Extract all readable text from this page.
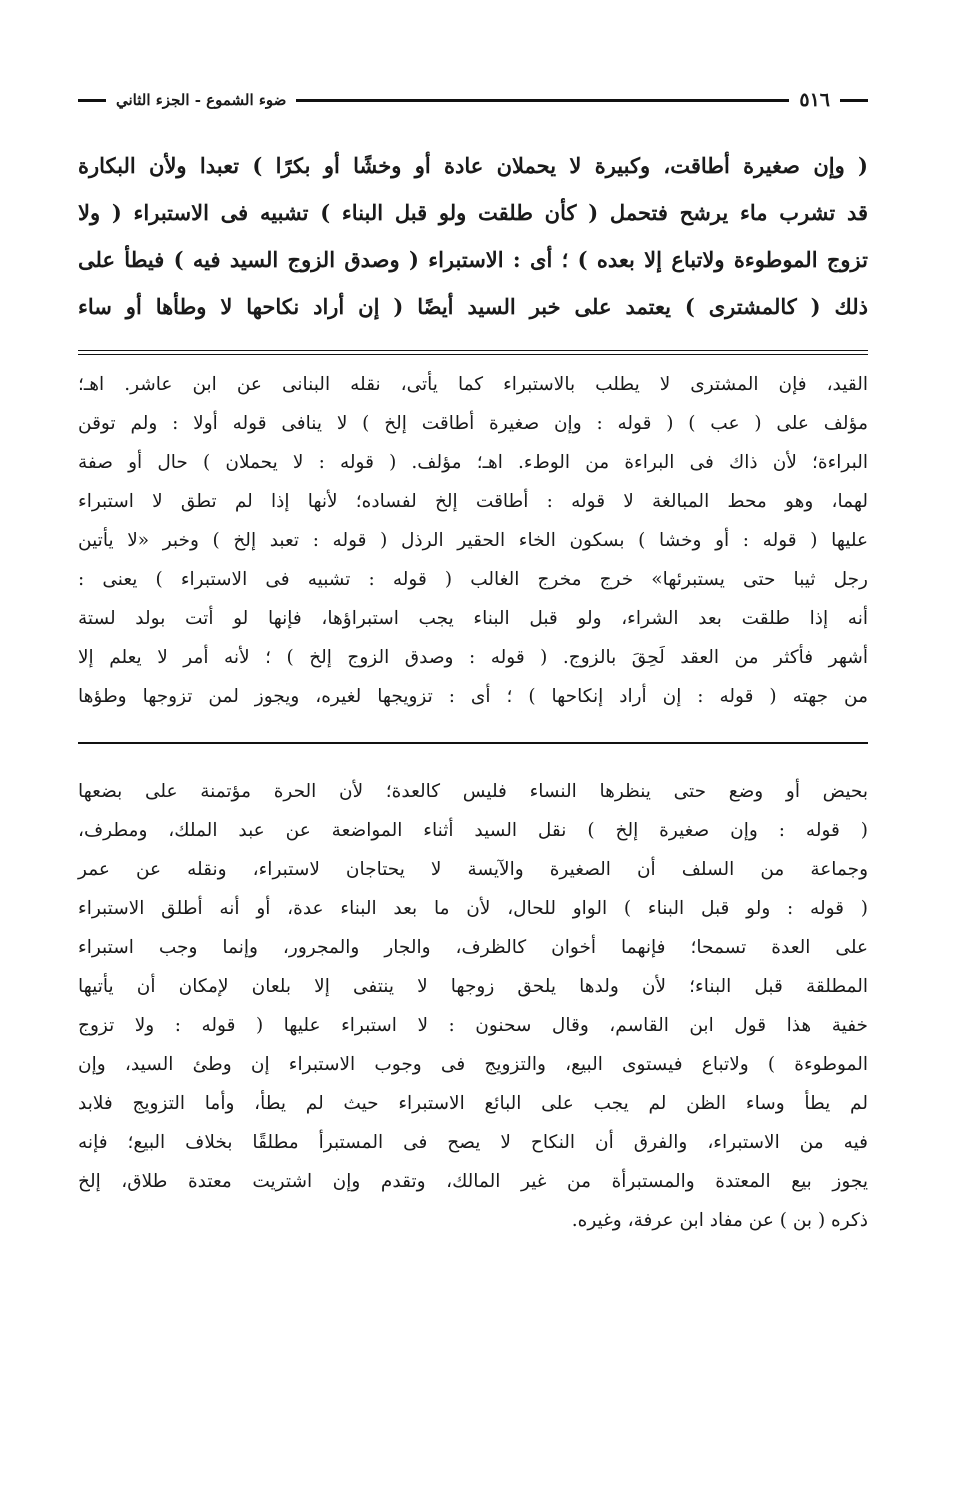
٥١٦
ضوء الشموع - الجزء الثاني

( وإن صغيرة أطاقت، وكبيرة لا يحملان عادة أو وخشًا أو بكرًا ) تعبدا ولأن البكارة

قد تشرب ماء يرشح فتحمل ( كأن طلقت ولو قبل البناء ) تشبيه فى الاستبراء ( ولا

تزوج الموطوءة ولاتباع إلا بعده ) ؛ أى : الاستبراء ( وصدق الزوج السيد فيه ) فيطأ على

ذلك ( كالمشترى ) يعتمد على خبر السيد أيضًا ( إن أراد نكاحها لا وطأها أو ساء

القيد، فإن المشترى لا يطلب بالاستبراء كما يأتى، نقله البنانى عن ابن عاشر. اهـ؛

مؤلف على ( عب ) ( قوله : وإن صغيرة أطاقت إلخ ) لا ينافى قوله أولا : ولم توقن

البراءة؛ لأن ذاك فى البراءة من الوطء. اهـ؛ مؤلف. ( قوله : لا يحملان ) حال أو صفة

لهما، وهو محط المبالغة لا قوله : أطاقت إلخ لفساده؛ لأنها إذا لم تطق لا استبراء

عليها ( قوله : أو وخشا ) بسكون الخاء الحقير الرذل ( قوله : تعبد إلخ ) وخبر «لا يأتين

رجل ثيبا حتى يستبرئها» خرج مخرج الغالب ( قوله : تشبيه فى الاستبراء ) يعنى :

أنه إذا طلقت بعد الشراء، ولو قبل البناء يجب استبراؤها، فإنها لو أتت بولد لستة

أشهر فأكثر من العقد لَحِقَ بالزوج. ( قوله : وصدق الزوج إلخ ) ؛ لأنه أمر لا يعلم إلا

من جهته ( قوله : إن أراد إنكاحها ) ؛ أى : تزويجها لغيره، ويجوز لمن تزوجها وطؤها

بحيض أو وضع حتى ينظرها النساء فليس كالعدة؛ لأن الحرة مؤتمنة على بضعها

( قوله : وإن صغيرة إلخ ) نقل السيد أثناء المواضعة عن عبد الملك، ومطرف،

وجماعة من السلف أن الصغيرة والآيسة لا يحتاجان لاستبراء، ونقله عن عمر

( قوله : ولو قبل البناء ) الواو للحال، لأن ما بعد البناء عدة، أو أنه أطلق الاستبراء

على العدة تسمحا؛ فإنهما أخوان كالظرف، والجار والمجرور، وإنما وجب استبراء

المطلقة قبل البناء؛ لأن ولدها يلحق زوجها لا ينتفى إلا بلعان لإمكان أن يأتيها

خفية هذا قول ابن القاسم، وقال سحنون : لا استبراء عليها ( قوله : ولا تزوج

الموطوءة ) ولاتباع فيستوى البيع، والتزويج فى وجوب الاستبراء إن وطئ السيد، وإن

لم يطأ وساء الظن لم يجب على البائع الاستبراء حيث لم يطأ، وأما التزويج فلابد

فيه من الاستبراء، والفرق أن النكاح لا يصح فى المستبرأ مطلقًا بخلاف البيع؛ فإنه

يجوز بيع المعتدة والمستبرأة من غير المالك، وتقدم وإن اشتريت معتدة طلاق، إلخ

ذكره ( بن ) عن مفاد ابن عرفة، وغيره.
